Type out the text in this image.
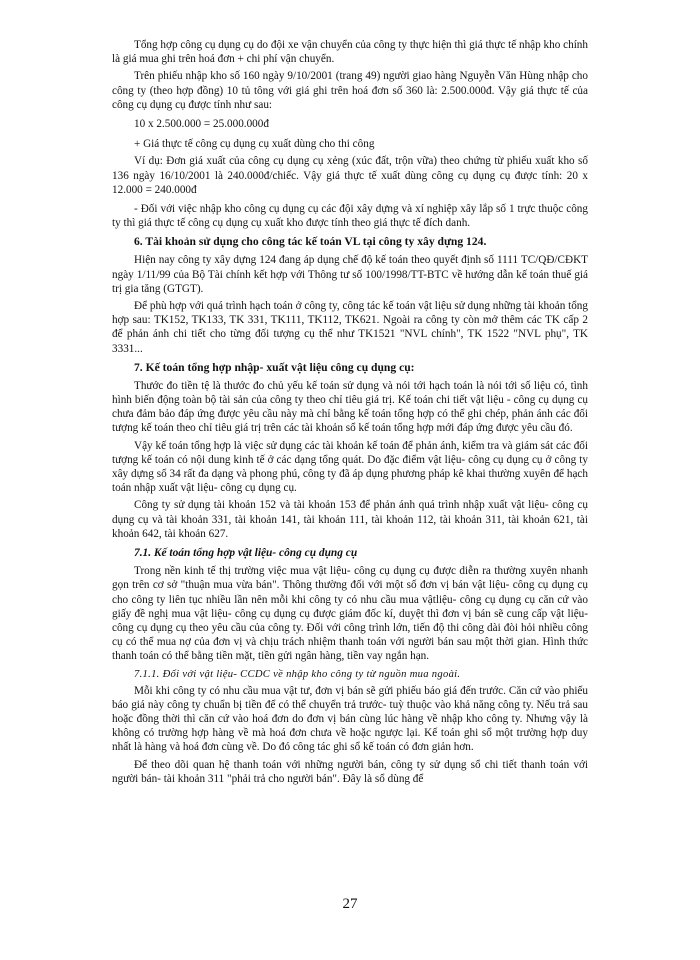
Tổng hợp công cụ dụng cụ do đội xe vận chuyển của công ty thực hiện thì giá thực tế nhập kho chính là giá mua ghi trên hoá đơn + chi phí vận chuyển.

Trên phiếu nhập kho số 160 ngày 9/10/2001 (trang 49) người giao hàng Nguyễn Văn Hùng nhập cho công ty (theo hợp đồng) 10 tủ tông với giá ghi trên hoá đơn số 360 là: 2.500.000đ. Vậy giá thực tế của công cụ dụng cụ được tính như sau:

10 x 2.500.000 = 25.000.000đ

+ Giá thực tế công cụ dụng cụ xuất dùng cho thi công

Ví dụ: Đơn giá xuất của công cụ dụng cụ xẻng (xúc đất, trộn vữa) theo chứng từ phiếu xuất kho số 136 ngày 16/10/2001 là 240.000đ/chiếc. Vậy giá thực tế xuất dùng công cụ dụng cụ được tính: 20 x 12.000 = 240.000đ

- Đối với việc nhập kho công cụ dụng cụ các đội xây dựng và xí nghiệp xây lắp số 1 trực thuộc công ty thì giá thực tế công cụ dụng cụ xuất kho được tính theo giá thực tế đích danh.

6. Tài khoản sử dụng cho công tác kế toán VL tại công ty xây dựng 124.

Hiện nay công ty xây dựng 124 đang áp dụng chế độ kế toán theo quyết định số 1111 TC/QĐ/CĐKT ngày 1/11/99 của Bộ Tài chính kết hợp với Thông tư số 100/1998/TT-BTC về hướng dẫn kế toán thuế giá trị gia tăng (GTGT).

Để phù hợp với quá trình hạch toán ở công ty, công tác kế toán vật liệu sử dụng những tài khoản tổng hợp sau: TK152, TK133, TK 331, TK111, TK112, TK621. Ngoài ra công ty còn mở thêm các TK cấp 2 để phản ánh chi tiết cho từng đối tượng cụ thể như TK1521 "NVL chính", TK 1522 "NVL phụ", TK 3331...

7. Kế toán tổng hợp nhập- xuất vật liệu công cụ dụng cụ:

Thước đo tiền tệ là thước đo chủ yếu kế toán sử dụng và nói tới hạch toán là nói tới số liệu có, tình hình biến động toàn bộ tài sản của công ty theo chỉ tiêu giá trị. Kế toán chi tiết vật liệu - công cụ dụng cụ chưa đảm bảo đáp ứng được yêu cầu này mà chỉ bằng kế toán tổng hợp có thể ghi chép, phản ánh các đối tượng kế toán theo chỉ tiêu giá trị trên các tài khoản sổ kế toán tổng hợp mới đáp ứng được yêu cầu đó.

Vậy kế toán tổng hợp là việc sử dụng các tài khoản kế toán để phản ánh, kiểm tra và giám sát các đối tượng kế toán có nội dung kinh tế ở các dạng tổng quát. Do đặc điểm vật liệu- công cụ dụng cụ ở công ty xây dựng số 34 rất đa dạng và phong phú, công ty đã áp dụng phương pháp kê khai thường xuyên để hạch toán nhập xuất vật liệu- công cụ dụng cụ.

Công ty sử dụng tài khoản 152 và tài khoản 153 để phản ánh quá trình nhập xuất vật liệu- công cụ dụng cụ và tài khoản 331, tài khoản 141, tài khoản 111, tài khoản 112, tài khoản 311, tài khoản 621, tài khoản 642, tài khoản 627.

7.1. Kế toán tổng hợp vật liệu- công cụ dụng cụ

Trong nền kinh tế thị trường việc mua vật liệu- công cụ dụng cụ được diễn ra thường xuyên nhanh gọn trên cơ sở "thuận mua vừa bán". Thông thường đối với một số đơn vị bán vật liệu- công cụ dụng cụ cho công ty liên tục nhiều lần nên mỗi khi công ty có nhu cầu mua vậtliệu- công cụ dụng cụ căn cứ vào giấy đề nghị mua vật liệu- công cụ dụng cụ được giám đốc kí, duyệt thì đơn vị bán sẽ cung cấp vật liệu- công cụ dụng cụ theo yêu cầu của công ty. Đối với công trình lớn, tiến độ thi công dài đòi hỏi nhiều công cụ có thể mua nợ của đơn vị và chịu trách nhiệm thanh toán với người bán sau một thời gian. Hình thức thanh toán có thể bằng tiền mặt, tiền gửi ngân hàng, tiền vay ngắn hạn.

7.1.1. Đối với vật liệu- CCDC về nhập kho công ty từ nguồn mua ngoài.

Mỗi khi công ty có nhu cầu mua vật tư, đơn vị bán sẽ gửi phiếu báo giá đến trước. Căn cứ vào phiếu báo giá này công ty chuẩn bị tiền để có thể chuyển trả trước- tuỳ thuộc vào khả năng công ty. Nếu trả sau hoặc đồng thời thì căn cứ vào hoá đơn do đơn vị bán cùng lúc hàng về nhập kho công ty. Nhưng vậy là không có trường hợp hàng về mà hoá đơn chưa về hoặc ngược lại. Kế toán ghi sổ một trường hợp duy nhất là hàng và hoá đơn cùng về. Do đó công tác ghi sổ kế toán có đơn giản hơn.

Để theo dõi quan hệ thanh toán với những người bán, công ty sử dụng sổ chi tiết thanh toán với người bán- tài khoản 311 "phải trả cho người bán". Đây là sổ dùng để

27
